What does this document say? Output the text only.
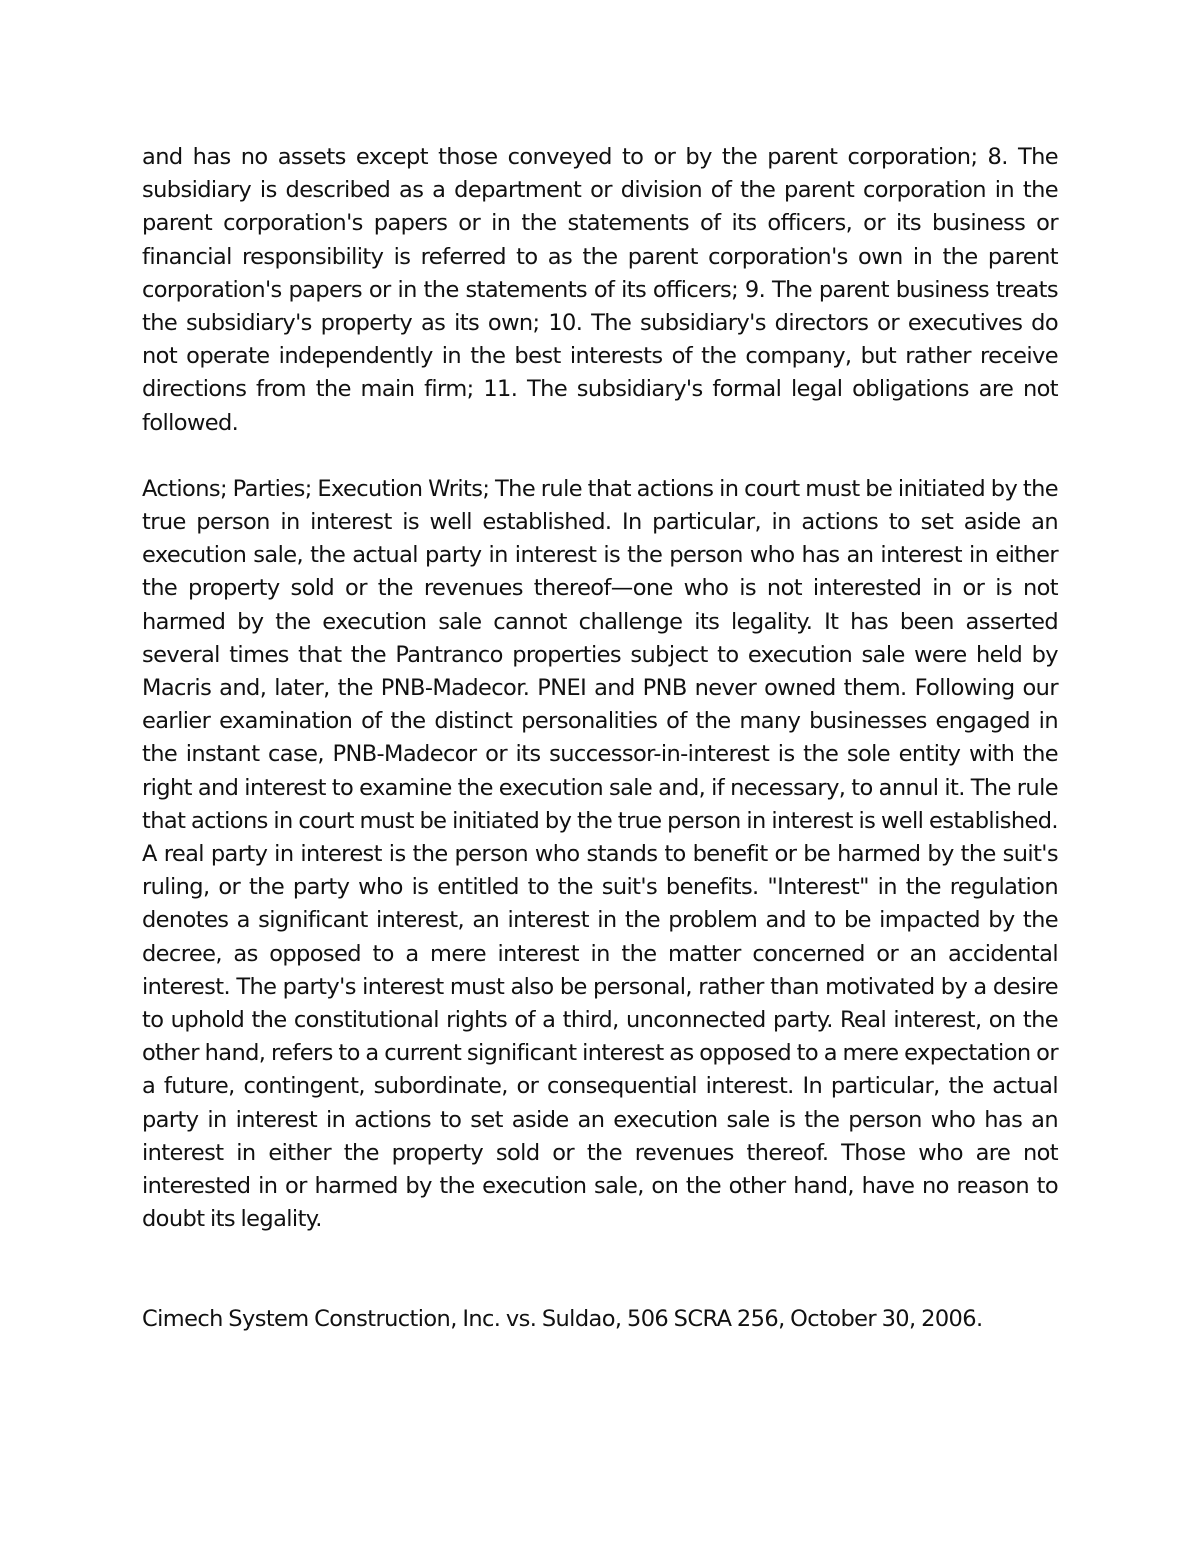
and has no assets except those conveyed to or by the parent corporation; 8. The subsidiary is described as a department or division of the parent corporation in the parent corporation's papers or in the statements of its officers, or its business or financial responsibility is referred to as the parent corporation's own in the parent corporation's papers or in the statements of its officers; 9. The parent business treats the subsidiary's property as its own; 10. The subsidiary's directors or executives do not operate independently in the best interests of the company, but rather receive directions from the main firm; 11. The subsidiary's formal legal obligations are not followed.

Actions; Parties; Execution Writs; The rule that actions in court must be initiated by the true person in interest is well established. In particular, in actions to set aside an execution sale, the actual party in interest is the person who has an interest in either the property sold or the revenues thereof—one who is not interested in or is not harmed by the execution sale cannot challenge its legality. It has been asserted several times that the Pantranco properties subject to execution sale were held by Macris and, later, the PNB-Madecor. PNEI and PNB never owned them. Following our earlier examination of the distinct personalities of the many businesses engaged in the instant case, PNB-Madecor or its successor-in-interest is the sole entity with the right and interest to examine the execution sale and, if necessary, to annul it. The rule that actions in court must be initiated by the true person in interest is well established. A real party in interest is the person who stands to benefit or be harmed by the suit's ruling, or the party who is entitled to the suit's benefits. "Interest" in the regulation denotes a significant interest, an interest in the problem and to be impacted by the decree, as opposed to a mere interest in the matter concerned or an accidental interest. The party's interest must also be personal, rather than motivated by a desire to uphold the constitutional rights of a third, unconnected party. Real interest, on the other hand, refers to a current significant interest as opposed to a mere expectation or a future, contingent, subordinate, or consequential interest. In particular, the actual party in interest in actions to set aside an execution sale is the person who has an interest in either the property sold or the revenues thereof. Those who are not interested in or harmed by the execution sale, on the other hand, have no reason to doubt its legality.

Cimech System Construction, Inc. vs. Suldao, 506 SCRA 256, October 30, 2006.
